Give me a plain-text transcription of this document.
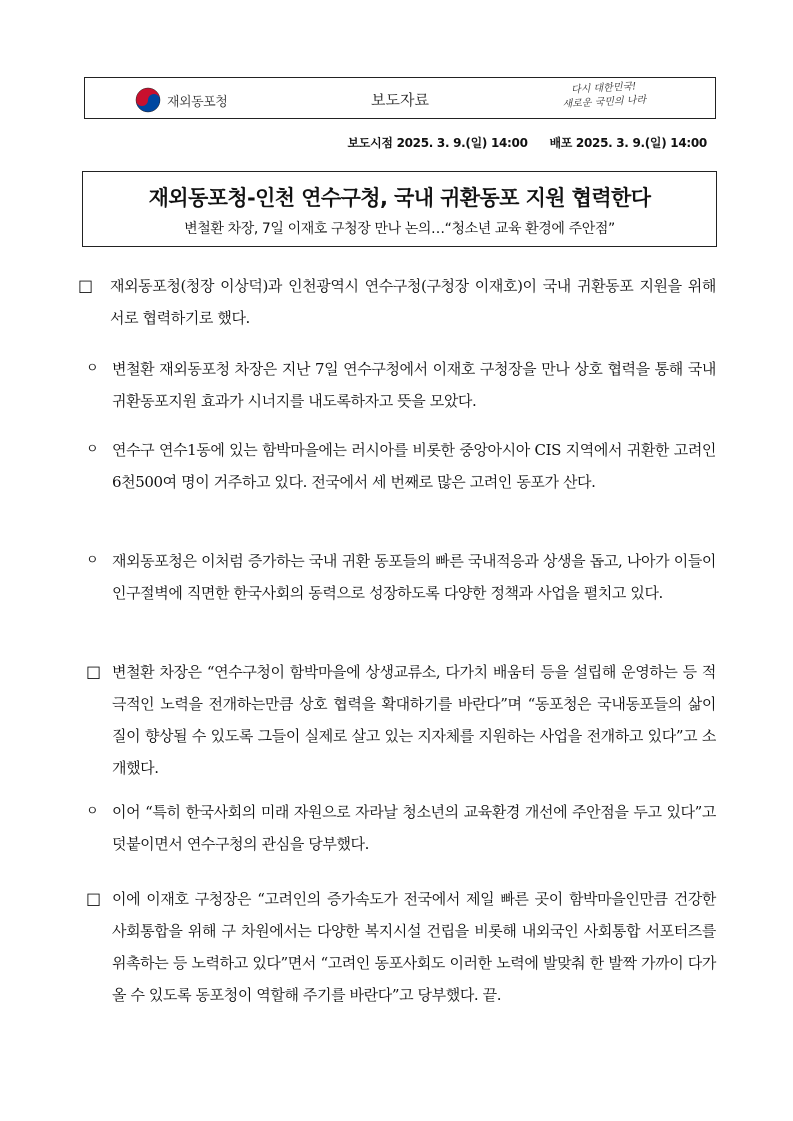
재외동포청	보도자료
다시 대한민국!
새로운 국민의 나라
보도시점 2025. 3. 9.(일) 14:00 배포 2025. 3. 9.(일) 14:00
재외동포청-인천 연수구청, 국내 귀환동포 지원 협력한다
변철환 차장, 7일 이재호 구청장 만나 논의…“청소년 교육 환경에 주안점”
□ 재외동포청(청장 이상덕)과 인천광역시 연수구청(구청장 이재호)이 국내 귀환동포 지원을 위해 서로 협력하기로 했다.
ㅇ 변철환 재외동포청 차장은 지난 7일 연수구청에서 이재호 구청장을 만나 상호 협력을 통해 국내 귀환동포지원 효과가 시너지를 내도록하자고 뜻을 모았다.
ㅇ 연수구 연수1동에 있는 함박마을에는 러시아를 비롯한 중앙아시아 CIS 지역에서 귀환한 고려인 6천500여 명이 거주하고 있다. 전국에서 세 번째로 많은 고려인 동포가 산다.
ㅇ 재외동포청은 이처럼 증가하는 국내 귀환 동포들의 빠른 국내적응과 상생을 돕고, 나아가 이들이 인구절벽에 직면한 한국사회의 동력으로 성장하도록 다양한 정책과 사업을 펼치고 있다.
□ 변철환 차장은 “연수구청이 함박마을에 상생교류소, 다가치 배움터 등을 설립해 운영하는 등 적극적인 노력을 전개하는만큼 상호 협력을 확대하기를 바란다”며 “동포청은 국내동포들의 삶이 질이 향상될 수 있도록 그들이 실제로 살고 있는 지자체를 지원하는 사업을 전개하고 있다”고 소개했다.
ㅇ 이어 “특히 한국사회의 미래 자원으로 자라날 청소년의 교육환경 개선에 주안점을 두고 있다”고 덧붙이면서 연수구청의 관심을 당부했다.
□ 이에 이재호 구청장은 “고려인의 증가속도가 전국에서 제일 빠른 곳이 함박마을인만큼 건강한 사회통합을 위해 구 차원에서는 다양한 복지시설 건립을 비롯해 내외국인 사회통합 서포터즈를 위촉하는 등 노력하고 있다”면서 “고려인 동포사회도 이러한 노력에 발맞춰 한 발짝 가까이 다가올 수 있도록 동포청이 역할해 주기를 바란다”고 당부했다. 끝.
